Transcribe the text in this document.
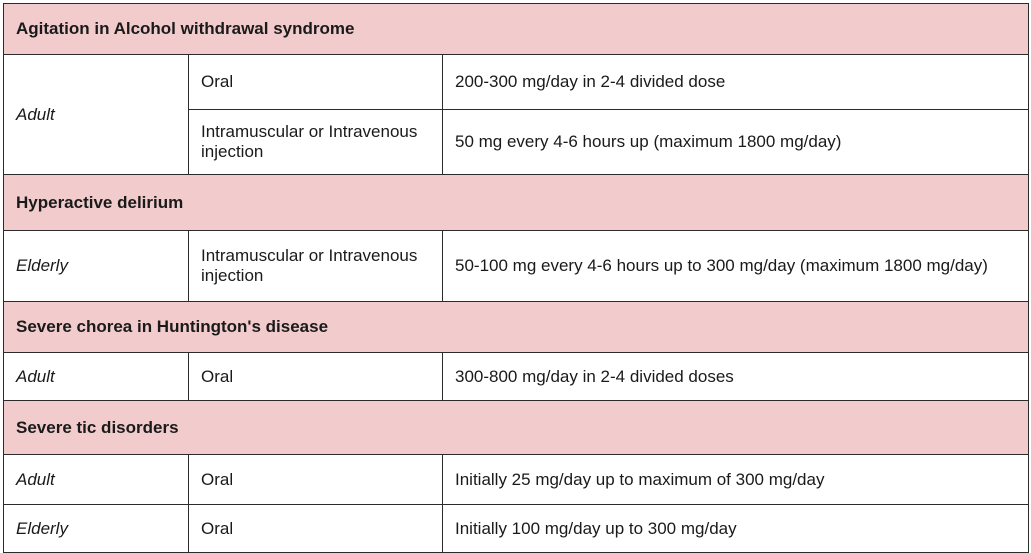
Agitation in Alcohol withdrawal syndrome		
Adult	Oral	200-300 mg/day in 2-4 divided dose
	Intramuscular or Intravenous injection	50 mg every 4-6 hours up (maximum 1800 mg/day)
Hyperactive delirium		
Elderly	Intramuscular or Intravenous injection	50-100 mg every 4-6 hours up to 300 mg/day (maximum 1800 mg/day)
Severe chorea in Huntington's disease		
Adult	Oral	300-800 mg/day in 2-4 divided doses
Severe tic disorders		
Adult	Oral	Initially 25 mg/day up to maximum of 300 mg/day
Elderly	Oral	Initially 100 mg/day up to 300 mg/day
